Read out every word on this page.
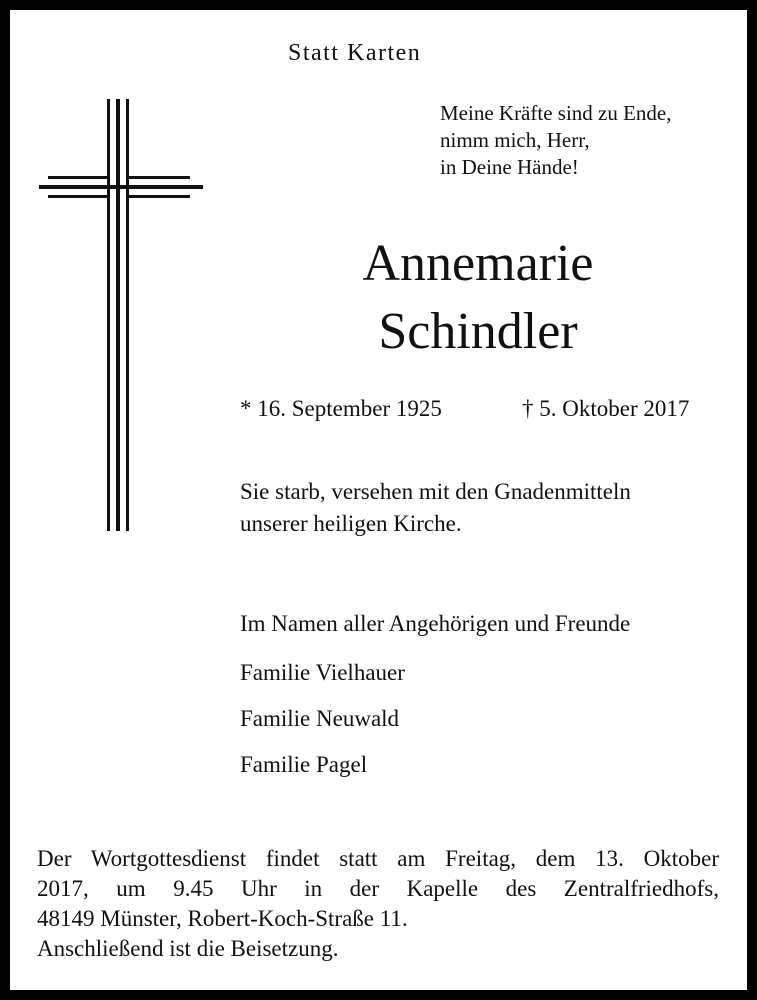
Statt Karten
Meine Kräfte sind zu Ende,
nimm mich, Herr,
in Deine Hände!
Annemarie
Schindler
* 16. September 1925	† 5. Oktober 2017
Sie starb, versehen mit den Gnadenmitteln
unserer heiligen Kirche.
Im Namen aller Angehörigen und Freunde
Familie Vielhauer
Familie Neuwald
Familie Pagel
Der Wortgottesdienst findet statt am Freitag, dem 13. Oktober
2017, um 9.45 Uhr in der Kapelle des Zentralfriedhofs,
48149 Münster, Robert-Koch-Straße 11.
Anschließend ist die Beisetzung.
